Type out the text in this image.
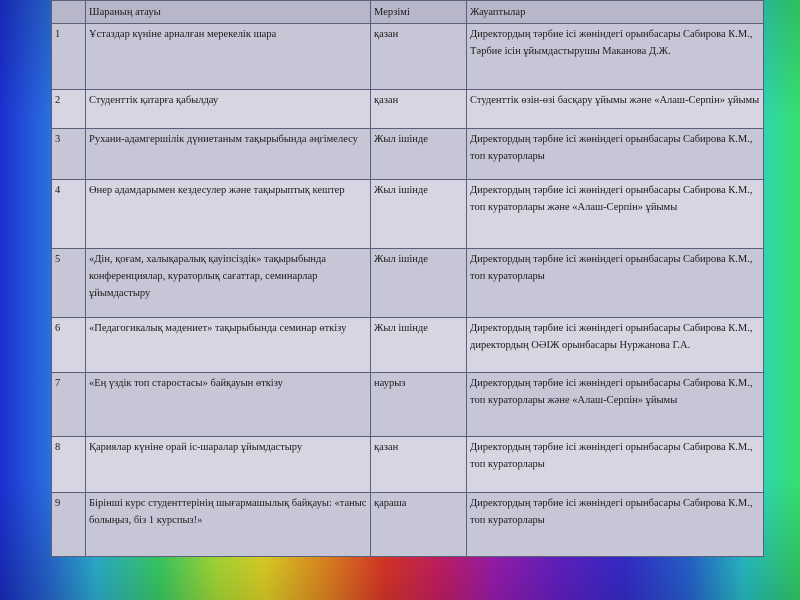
	Шараның атауы	Мерзімі	Жауаптылар
1	Ұстаздар күніне арналған мерекелік шара	қазан	Директордың тәрбие ісі жөніндегі орынбасары Сабирова К.М., Тәрбие ісін ұйымдастырушы Маканова Д.Ж.
2	Студенттік қатарға қабылдау	қазан	Студенттік өзін-өзі басқару ұйымы және «Алаш-Серпін» ұйымы
3	Рухани-адамгершілік дүниетаным тақырыбында әңгімелесу	Жыл ішінде	Директордың тәрбие ісі жөніндегі орынбасары Сабирова К.М., топ кураторлары
4	Өнер адамдарымен кездесулер және тақырыптық кештер	Жыл ішінде	Директордың тәрбие ісі жөніндегі орынбасары Сабирова К.М., топ кураторлары және «Алаш-Серпін» ұйымы
5	«Дін, қоғам, халықаралық қауіпсіздік» тақырыбында конференциялар, кураторлық сағаттар, семинарлар ұйымдастыру	Жыл ішінде	Директордың тәрбие ісі жөніндегі орынбасары Сабирова К.М., топ кураторлары
6	«Педагогикалық мәдениет» тақырыбында семинар өткізу	Жыл ішінде	Директордың тәрбие ісі жөніндегі орынбасары Сабирова К.М., директордың ОӘІЖ орынбасары Нуржанова Г.А.
7	«Ең үздік топ старостасы» байқауын өткізу	наурыз	Директордың тәрбие ісі жөніндегі орынбасары Сабирова К.М., топ кураторлары және «Алаш-Серпін» ұйымы
8	Қариялар күніне орай іс-шаралар ұйымдастыру	қазан	Директордың тәрбие ісі жөніндегі орынбасары Сабирова К.М., топ кураторлары
9	Бірінші курс студенттерінің шығармашылық байқауы: «таныс болыңыз, біз 1 курспыз!»	қараша	Директордың тәрбие ісі жөніндегі орынбасары Сабирова К.М., топ кураторлары
